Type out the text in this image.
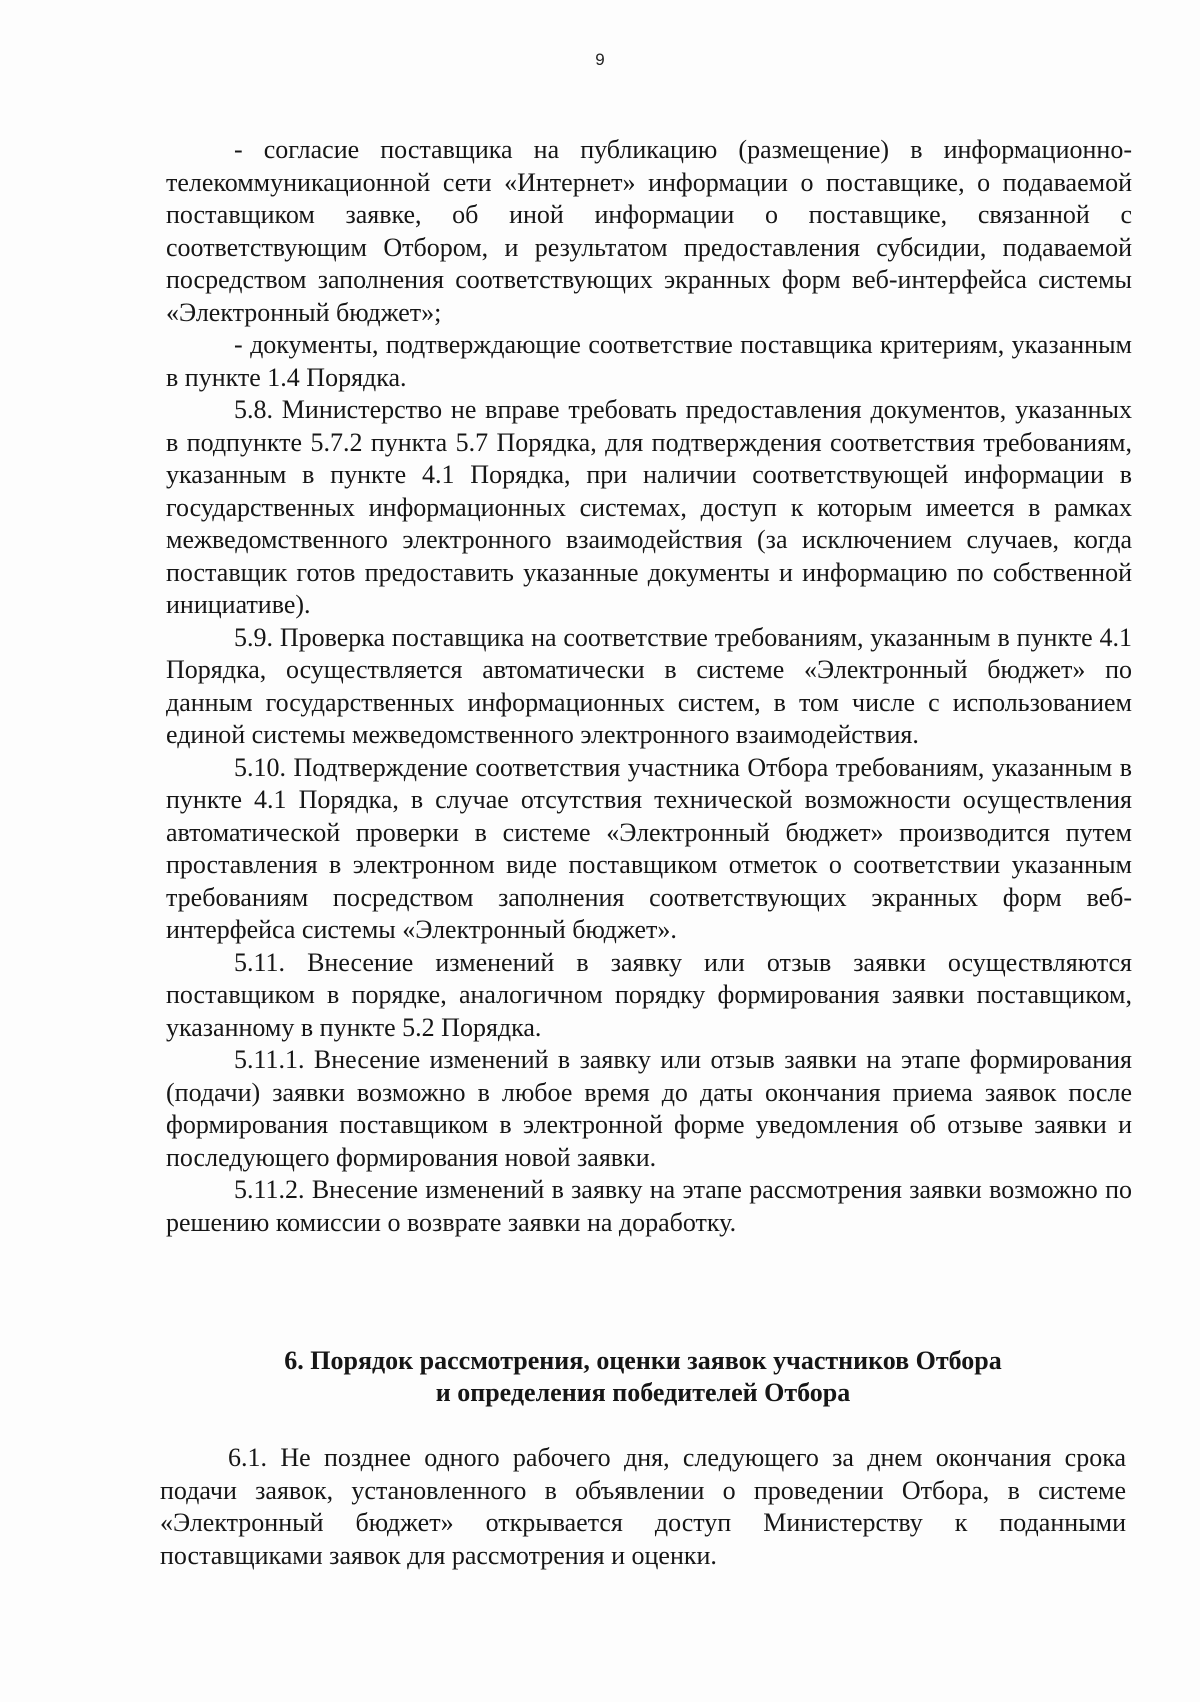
9

- согласие поставщика на публикацию (размещение) в информационно-телекоммуникационной сети «Интернет» информации о поставщике, о подаваемой поставщиком заявке, об иной информации о поставщике, связанной с соответствующим Отбором, и результатом предоставления субсидии, подаваемой посредством заполнения соответствующих экранных форм веб-интерфейса системы «Электронный бюджет»;

- документы, подтверждающие соответствие поставщика критериям, указанным в пункте 1.4 Порядка.

5.8. Министерство не вправе требовать предоставления документов, указанных в подпункте 5.7.2 пункта 5.7 Порядка, для подтверждения соответствия требованиям, указанным в пункте 4.1 Порядка, при наличии соответствующей информации в государственных информационных системах, доступ к которым имеется в рамках межведомственного электронного взаимодействия (за исключением случаев, когда поставщик готов предоставить указанные документы и информацию по собственной инициативе).

5.9. Проверка поставщика на соответствие требованиям, указанным в пункте 4.1 Порядка, осуществляется автоматически в системе «Электронный бюджет» по данным государственных информационных систем, в том числе с использованием единой системы межведомственного электронного взаимодействия.

5.10. Подтверждение соответствия участника Отбора требованиям, указанным в пункте 4.1 Порядка, в случае отсутствия технической возможности осуществления автоматической проверки в системе «Электронный бюджет» производится путем проставления в электронном виде поставщиком отметок о соответствии указанным требованиям посредством заполнения соответствующих экранных форм веб-интерфейса системы «Электронный бюджет».

5.11. Внесение изменений в заявку или отзыв заявки осуществляются поставщиком в порядке, аналогичном порядку формирования заявки поставщиком, указанному в пункте 5.2 Порядка.

5.11.1. Внесение изменений в заявку или отзыв заявки на этапе формирования (подачи) заявки возможно в любое время до даты окончания приема заявок после формирования поставщиком в электронной форме уведомления об отзыве заявки и последующего формирования новой заявки.

5.11.2. Внесение изменений в заявку на этапе рассмотрения заявки возможно по решению комиссии о возврате заявки на доработку.

6. Порядок рассмотрения, оценки заявок участников Отбора
и определения победителей Отбора

6.1. Не позднее одного рабочего дня, следующего за днем окончания срока подачи заявок, установленного в объявлении о проведении Отбора, в системе «Электронный бюджет» открывается доступ Министерству к поданными поставщиками заявок для рассмотрения и оценки.
